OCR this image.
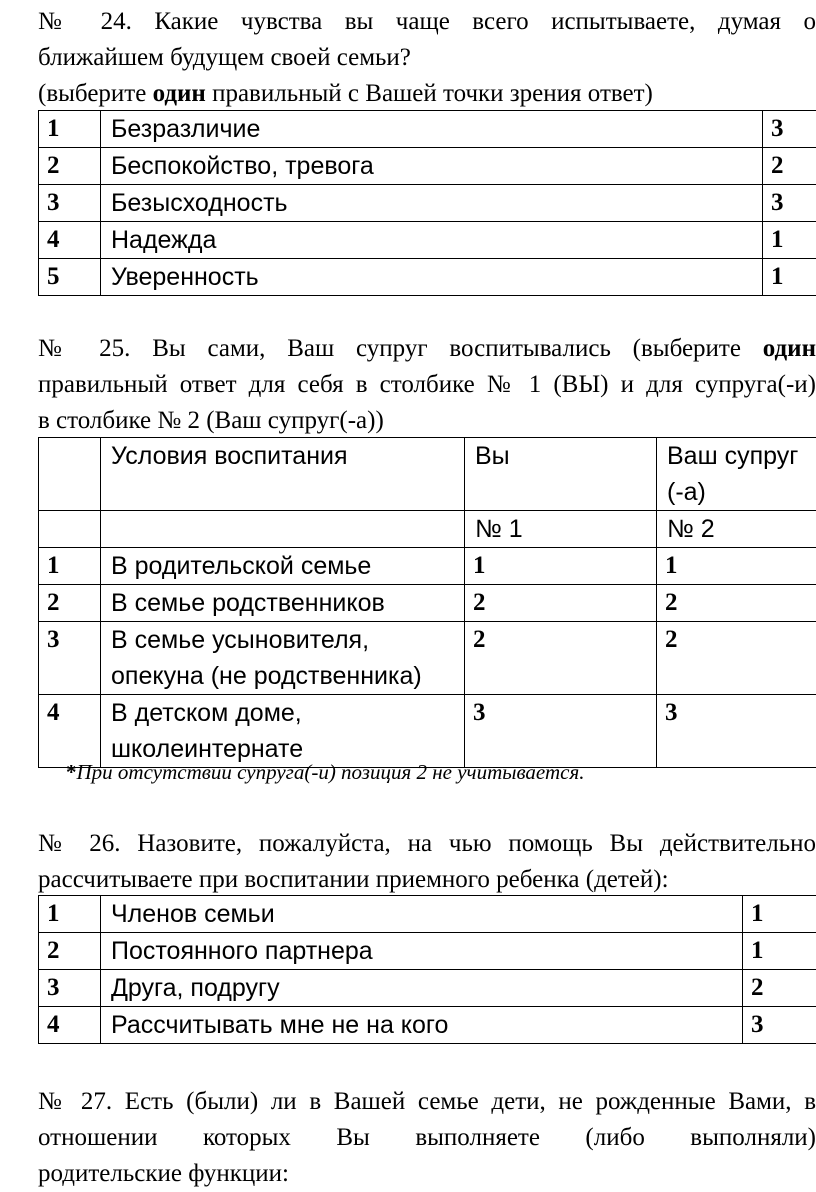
№ 24. Какие чувства вы чаще всего испытываете, думая о

ближайшем будущем своей семьи?

(выберите один правильный с Вашей точки зрения ответ)

1	Безразличие	3
2	Беспокойство, тревога	2
3	Безысходность	3
4	Надежда	1
5	Уверенность	1

№ 25. Вы сами, Ваш супруг воспитывались (выберите один

правильный ответ для себя в столбике № 1 (ВЫ) и для супруга(-и)

в столбике № 2 (Ваш супруг(-а))

	Условия воспитания	Вы	Ваш супруг (-а)
		№ 1	№ 2
1	В родительской семье	1	1
2	В семье родственников	2	2
3	В семье усыновителя, опекуна (не родственника)	2	2
4	В детском доме, школеинтернате	3	3

*При отсутствии супруга(-и) позиция 2 не учитывается.

№ 26. Назовите, пожалуйста, на чью помощь Вы действительно

рассчитываете при воспитании приемного ребенка (детей):

1	Членов семьи	1
2	Постоянного партнера	1
3	Друга, подругу	2
4	Рассчитывать мне не на кого	3

№ 27. Есть (были) ли в Вашей семье дети, не рожденные Вами, в

отношении которых Вы выполняете (либо выполняли)

родительские функции:
